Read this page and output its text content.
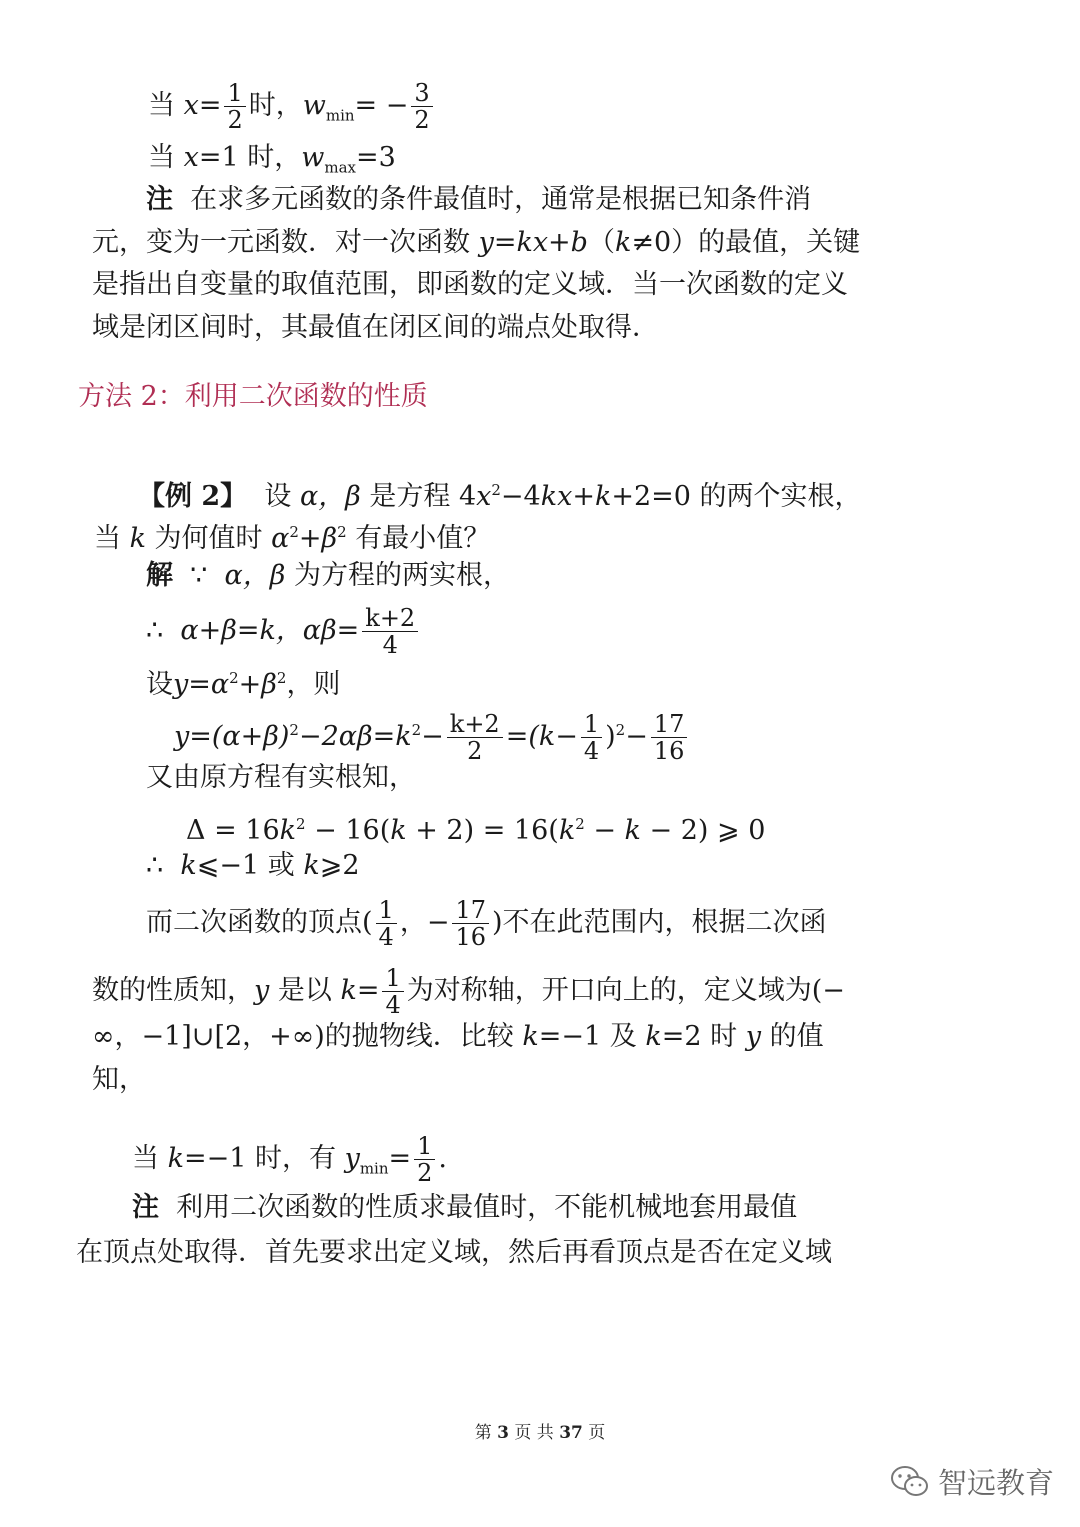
当 $x= \frac{1}{2}$ 时，$w_{min}= - \frac{3}{2}$
当 x=1 时，$w_{max}=3$
注 在求多元函数的条件最值时，通常是根据已知条件消
元，变为一元函数．对一次函数 y=kx+b（k≠0）的最值，关键
是指出自变量的取值范围，即函数的定义域．当一次函数的定义
域是闭区间时，其最值在闭区间的端点处取得．
方法 2：利用二次函数的性质
【例 2】 设 α，β 是方程 $4x^2-4kx+k+2=0$ 的两个实根，
当 k 为何值时 $\alpha^2+\beta^2$ 有最小值？
解 ∵ α，β 为方程的两实根，
∴ α+β=k，$\alpha\beta= \frac{k+2}{4}$
设$y=\alpha^2+\beta^2$，则
$y=(\alpha+\beta)^2-2\alpha\beta=k^2- \frac{k+2}{2} =(k- \frac{1}{4} )^2- \frac{17}{16}$
又由原方程有实根知，
$\Delta = 16k^2 - 16(k + 2) = 16(k^2 - k - 2)$ ⩾ 0
∴ k⩽−1 或 k⩾2
而二次函数的顶点( $\frac{1}{4}$ ，− $\frac{17}{16}$ )不在此范围内，根据二次函
数的性质知，y 是以 $k= \frac{1}{4}$ 为对称轴，开口向上的，定义域为(−
∞，−1]∪[2，+∞)的抛物线．比较 k=−1 及 k=2 时 y 的值
知，
当 k=−1 时，有 $y_{min}= \frac{1}{2}$ .
注 利用二次函数的性质求最值时，不能机械地套用最值
在顶点处取得．首先要求出定义域，然后再看顶点是否在定义域
第 3 页 共 37 页
智远教育
